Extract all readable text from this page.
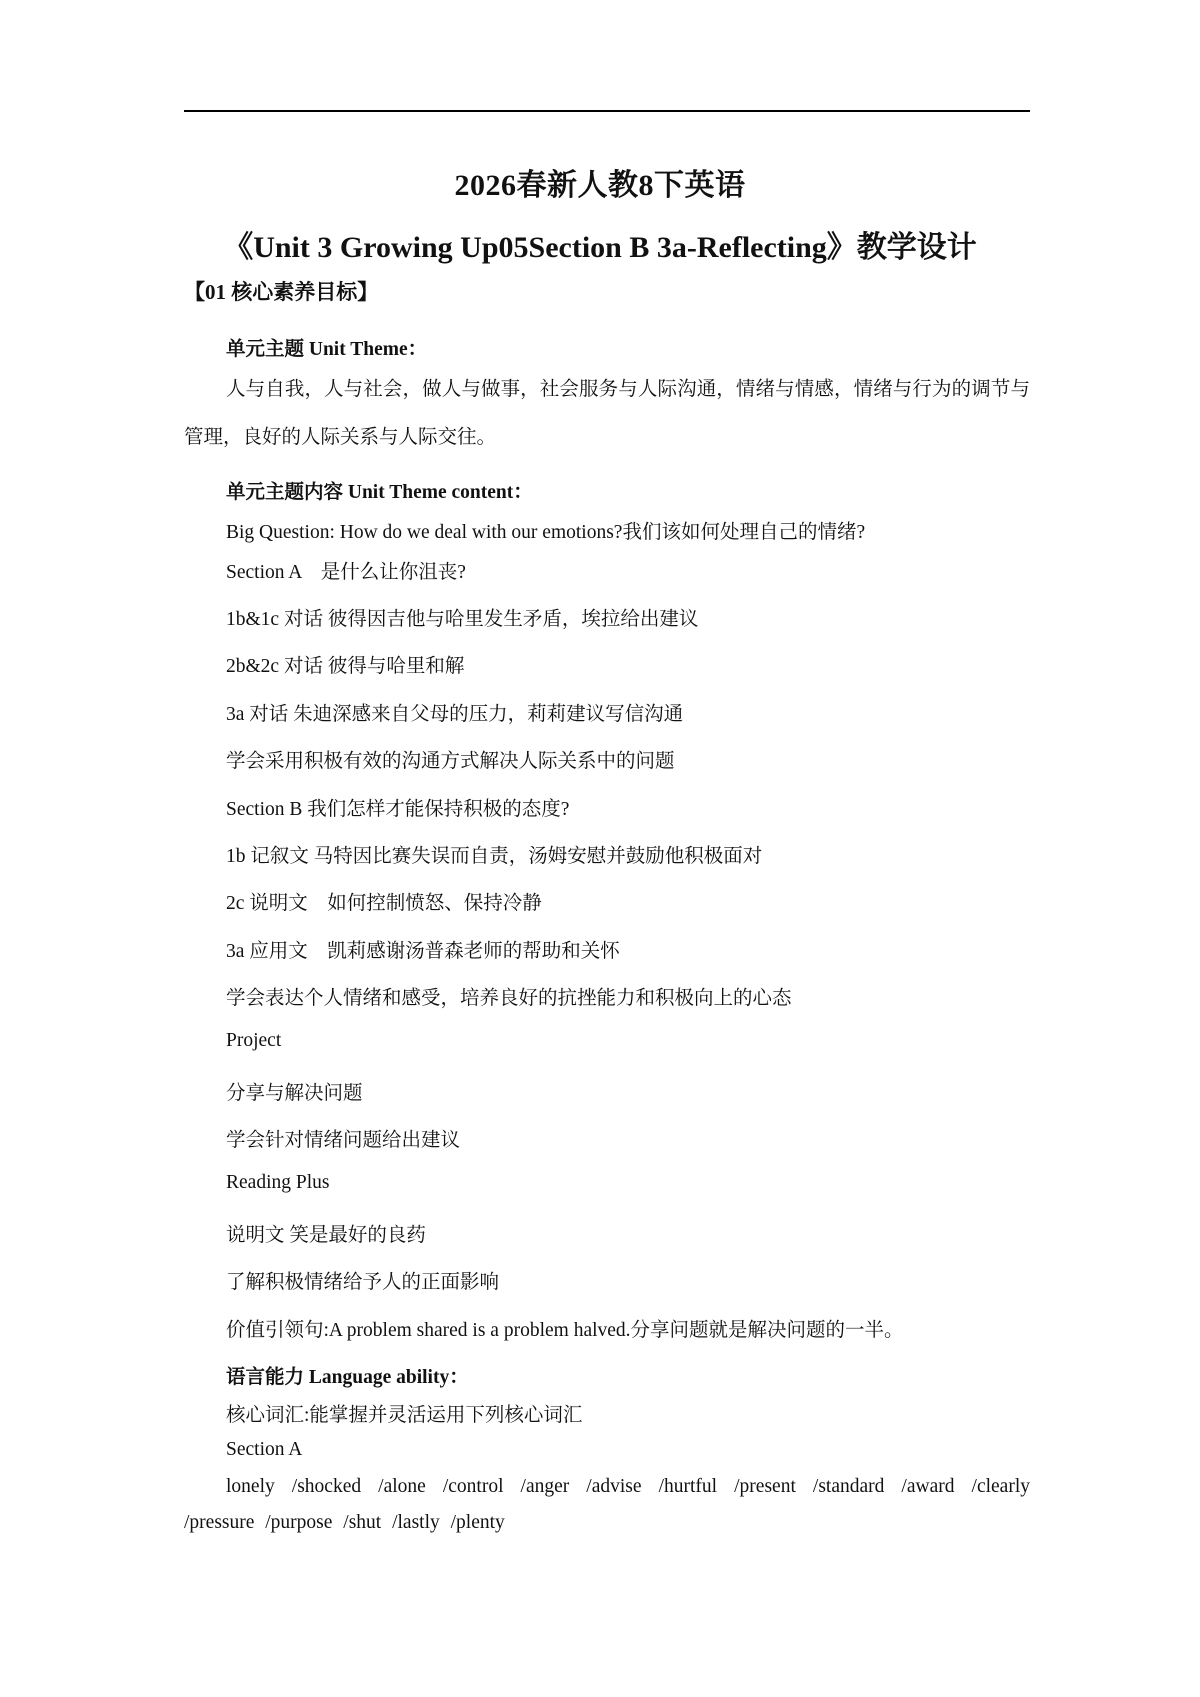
2026春新人教8下英语
《Unit 3 Growing Up05Section B 3a-Reflecting》教学设计
【01 核心素养目标】
单元主题 Unit Theme：
人与自我，人与社会，做人与做事，社会服务与人际沟通，情绪与情感，情绪与行为的调节与管理，良好的人际关系与人际交往。
单元主题内容 Unit Theme content：
Big Question: How do we deal with our emotions?我们该如何处理自己的情绪?
Section A　是什么让你沮丧?
1b&1c 对话 彼得因吉他与哈里发生矛盾，埃拉给出建议
2b&2c 对话 彼得与哈里和解
3a 对话 朱迪深感来自父母的压力，莉莉建议写信沟通
学会采用积极有效的沟通方式解决人际关系中的问题
Section B 我们怎样才能保持积极的态度?
1b 记叙文 马特因比赛失误而自责，汤姆安慰并鼓励他积极面对
2c 说明文　如何控制愤怒、保持冷静
3a 应用文　凯莉感谢汤普森老师的帮助和关怀
学会表达个人情绪和感受，培养良好的抗挫能力和积极向上的心态
Project
分享与解决问题
学会针对情绪问题给出建议
Reading Plus
说明文 笑是最好的良药
了解积极情绪给予人的正面影响
价值引领句:A problem shared is a problem halved.分享问题就是解决问题的一半。
语言能力 Language ability：
核心词汇:能掌握并灵活运用下列核心词汇
Section A
lonely /shocked /alone /control /anger /advise /hurtful /present /standard /award /clearly /pressure /purpose /shut /lastly /plenty
